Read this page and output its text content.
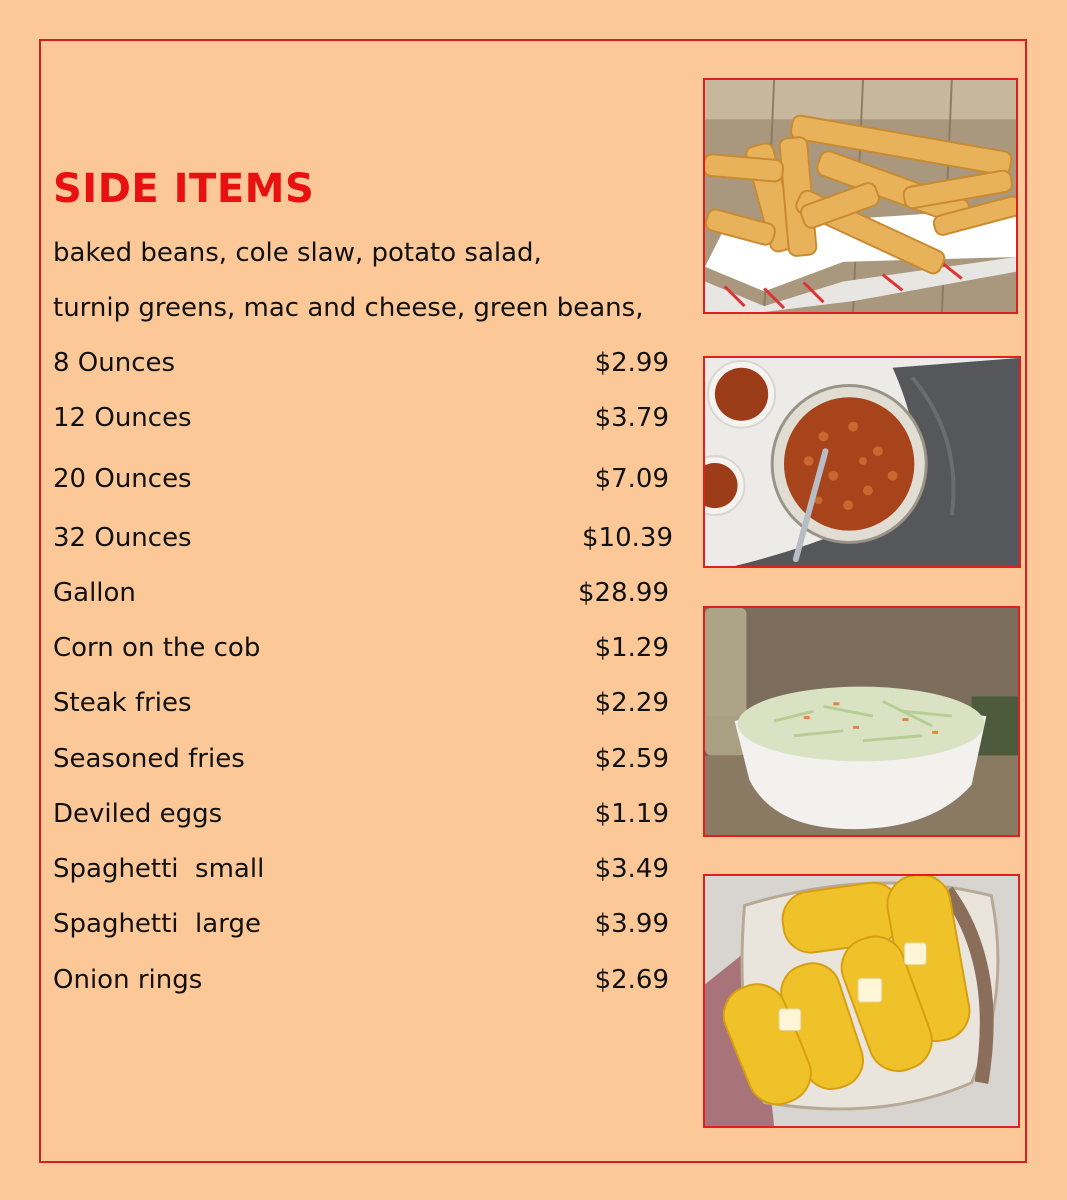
SIDE ITEMS
baked beans, cole slaw, potato salad,
turnip greens, mac and cheese, green beans,
8 Ounces	$2.99
12 Ounces	$3.79
20 Ounces	$7.09
32 Ounces	$10.39
Gallon	$28.99
Corn on the cob	$1.29
Steak fries	$2.29
Seasoned fries	$2.59
Deviled eggs	$1.19
Spaghetti  small	$3.49
Spaghetti  large	$3.99
Onion rings	$2.69
